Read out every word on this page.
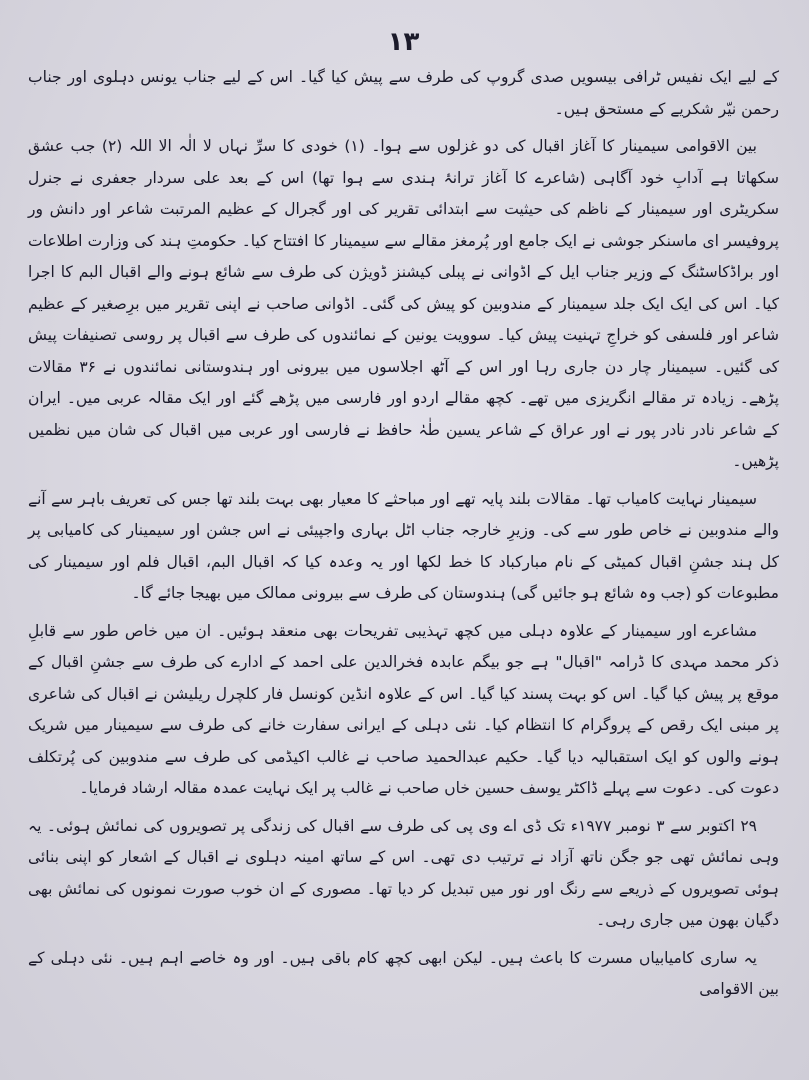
١٣

کے لیے ایک نفیس ٹرافی بیسویں صدی گروپ کی طرف سے پیش کیا گیا۔ اس کے لیے جناب یونس دہلوی اور جناب رحمن نیّر شکریے کے مستحق ہیں۔

بین الاقوامی سیمینار کا آغاز اقبال کی دو غزلوں سے ہوا۔ (۱) خودی کا سرِّ نہاں لا الٰہ الا اللہ (۲) جب عشق سکھاتا ہے آدابِ خود آگاہی (شاعرے کا آغاز ترانۂ ہندی سے ہوا تھا) اس کے بعد علی سردار جعفری نے جنرل سکریٹری اور سیمینار کے ناظم کی حیثیت سے ابتدائی تقریر کی اور گجرال کے عظیم المرتبت شاعر اور دانش ور پروفیسر ای ماسنکر جوشی نے ایک جامع اور پُرمغز مقالے سے سیمینار کا افتتاح کیا۔ حکومتِ ہند کی وزارت اطلاعات اور براڈکاسٹنگ کے وزیر جناب ایل کے اڈوانی نے پبلی کیشنز ڈویژن کی طرف سے شائع ہونے والے اقبال البم کا اجرا کیا۔ اس کی ایک ایک جلد سیمینار کے مندوبین کو پیش کی گئی۔ اڈوانی صاحب نے اپنی تقریر میں برِصغیر کے عظیم شاعر اور فلسفی کو خراجِ تہنیت پیش کیا۔ سوویت یونین کے نمائندوں کی طرف سے اقبال پر روسی تصنیفات پیش کی گئیں۔ سیمینار چار دن جاری رہا اور اس کے آٹھ اجلاسوں میں بیرونی اور ہندوستانی نمائندوں نے ۳۶ مقالات پڑھے۔ زیادہ تر مقالے انگریزی میں تھے۔ کچھ مقالے اردو اور فارسی میں پڑھے گئے اور ایک مقالہ عربی میں۔ ایران کے شاعر نادر نادر پور نے اور عراق کے شاعر یسین طٰہٰ حافظ نے فارسی اور عربی میں اقبال کی شان میں نظمیں پڑھیں۔

سیمینار نہایت کامیاب تھا۔ مقالات بلند پایہ تھے اور مباحثے کا معیار بھی بہت بلند تھا جس کی تعریف باہر سے آنے والے مندوبین نے خاص طور سے کی۔ وزیرِ خارجہ جناب اٹل بہاری واجپیئی نے اس جشن اور سیمینار کی کامیابی پر کل ہند جشنِ اقبال کمیٹی کے نام مبارکباد کا خط لکھا اور یہ وعدہ کیا کہ اقبال البم، اقبال فلم اور سیمینار کی مطبوعات کو (جب وہ شائع ہو جائیں گی) ہندوستان کی طرف سے بیرونی ممالک میں بھیجا جائے گا۔

مشاعرے اور سیمینار کے علاوہ دہلی میں کچھ تہذیبی تفریحات بھی منعقد ہوئیں۔ ان میں خاص طور سے قابلِ ذکر محمد مہدی کا ڈرامہ "اقبال" ہے جو بیگم عابدہ فخرالدین علی احمد کے ادارے کی طرف سے جشنِ اقبال کے موقع پر پیش کیا گیا۔ اس کو بہت پسند کیا گیا۔ اس کے علاوہ انڈین کونسل فار کلچرل ریلیشن نے اقبال کی شاعری پر مبنی ایک رقص کے پروگرام کا انتظام کیا۔ نئی دہلی کے ایرانی سفارت خانے کی طرف سے سیمینار میں شریک ہونے والوں کو ایک استقبالیہ دیا گیا۔ حکیم عبدالحمید صاحب نے غالب اکیڈمی کی طرف سے مندوبین کی پُرتکلف دعوت کی۔ دعوت سے پہلے ڈاکٹر یوسف حسین خاں صاحب نے غالب پر ایک نہایت عمدہ مقالہ ارشاد فرمایا۔

۲۹ اکتوبر سے ۳ نومبر ۱۹۷۷ء تک ڈی اے وی پی کی طرف سے اقبال کی زندگی پر تصویروں کی نمائش ہوئی۔ یہ وہی نمائش تھی جو جگن ناتھ آزاد نے ترتیب دی تھی۔ اس کے ساتھ امینہ دہلوی نے اقبال کے اشعار کو اپنی بنائی ہوئی تصویروں کے ذریعے سے رنگ اور نور میں تبدیل کر دیا تھا۔ مصوری کے ان خوب صورت نمونوں کی نمائش بھی دگیان بھون میں جاری رہی۔

یہ ساری کامیابیاں مسرت کا باعث ہیں۔ لیکن ابھی کچھ کام باقی ہیں۔ اور وہ خاصے اہم ہیں۔ نئی دہلی کے بین الاقوامی
